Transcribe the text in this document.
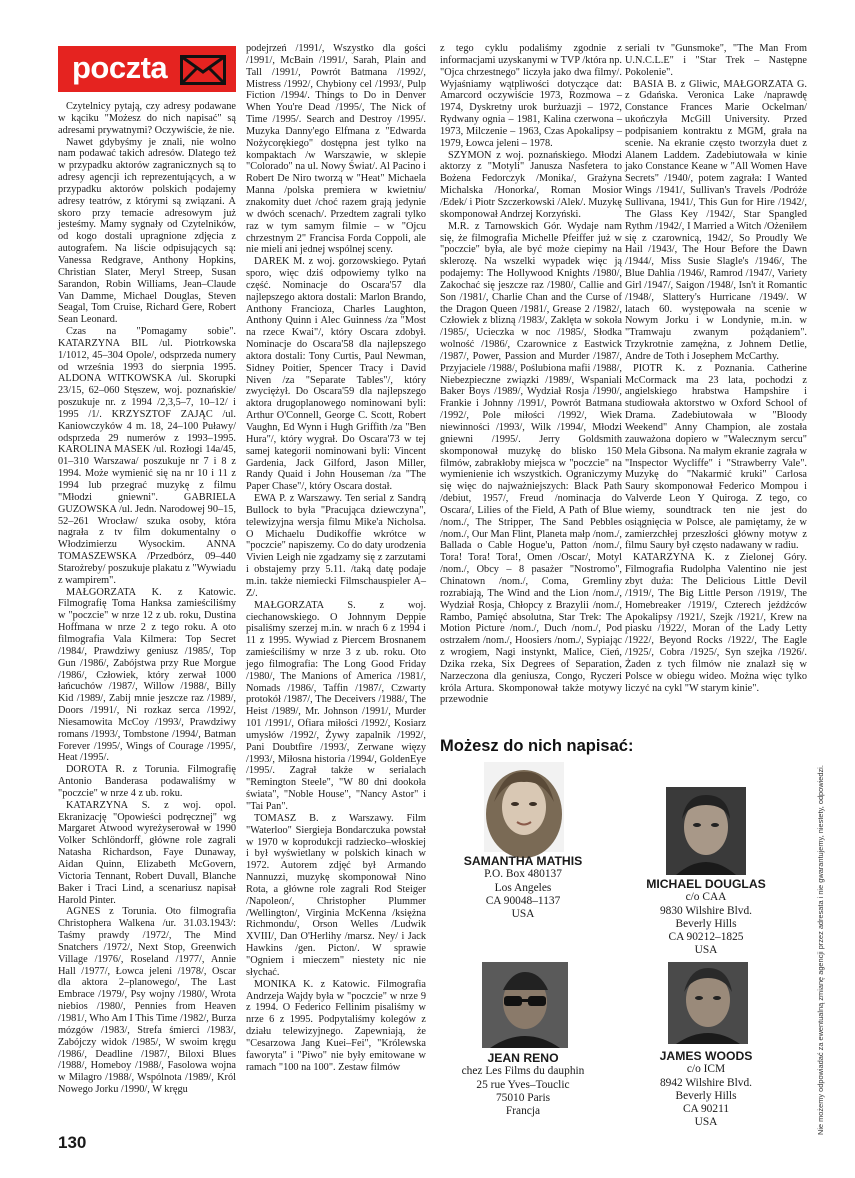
poczta

Czytelnicy pytają, czy adresy podawane w kąciku "Możesz do nich napisać" są adresami prywatnymi? Oczywiście, że nie.

Nawet gdybyśmy je znali, nie wolno nam podawać takich adresów. Dlatego też w przypadku aktorów zagranicznych są to adresy agencji ich reprezentujących, a w przypadku aktorów polskich podajemy adresy teatrów, z którymi są związani. A skoro przy temacie adresowym już jesteśmy. Mamy sygnały od Czytelników, od kogo dostali upragnione zdjęcia z autografem. Na liście odpisujących są: Vanessa Redgrave, Anthony Hopkins, Christian Slater, Meryl Streep, Susan Sarandon, Robin Williams, Jean–Claude Van Damme, Michael Douglas, Steven Seagal, Tom Cruise, Richard Gere, Robert Sean Leonard.

Czas na "Pomagamy sobie". KATARZYNA BIL /ul. Piotrkowska 1/1012, 45–304 Opole/, odsprzeda numery od września 1993 do sierpnia 1995. ALDONA WITKOWSKA /ul. Skorupki 23/15, 62–060 Stęszew, woj. poznańskie/ poszukuje nr. z 1994 /2,3,5–7, 10–12/ i 1995 /1/. KRZYSZTOF ZAJĄC /ul. Kaniowczyków 4 m. 18, 24–100 Puławy/ odsprzeda 29 numerów z 1993–1995. KAROLINA MASEK /ul. Rozłogi 14a/45, 01–310 Warszawa/ poszukuje nr 7 i 8 z 1994. Może wymienić się na nr 10 i 11 z 1994 lub przegrać muzykę z filmu "Młodzi gniewni". GABRIELA GUZOWSKA /ul. Jedn. Narodowej 90–15, 52–261 Wrocław/ szuka osoby, która nagrała z tv film dokumentalny o Włodzimierzu Wysockim. ANNA TOMASZEWSKA /Przedbórz, 09–440 Starożreby/ poszukuje plakatu z "Wywiadu z wampirem".

MAŁGORZATA K. z Katowic. Filmografię Toma Hanksa zamieściliśmy w "poczcie" w nrze 12 z ub. roku, Dustina Hoffmana w nrze 2 z tego roku. A oto filmografia Vala Kilmera: Top Secret /1984/, Prawdziwy geniusz /1985/, Top Gun /1986/, Zabójstwa przy Rue Morgue /1986/, Człowiek, który zerwał 1000 łańcuchów /1987/, Willow /1988/, Billy Kid /1989/, Zabij mnie jeszcze raz /1989/, Doors /1991/, Ni rozkaz serca /1992/, Niesamowita McCoy /1993/, Prawdziwy romans /1993/, Tombstone /1994/, Batman Forever /1995/, Wings of Courage /1995/, Heat /1995/.

DOROTA R. z Torunia. Filmografię Antonio Banderasa podawaliśmy w "poczcie" w nrze 4 z ub. roku.

KATARZYNA S. z woj. opol. Ekranizację "Opowieści podręcznej" wg Margaret Atwood wyreżyserował w 1990 Volker Schlöndorff, główne role zagrali Natasha Richardson, Faye Dunaway, Aidan Quinn, Elizabeth McGovern, Victoria Tennant, Robert Duvall, Blanche Baker i Traci Lind, a scenariusz napisał Harold Pinter.

AGNES z Torunia. Oto filmografia Christophera Walkena /ur. 31.03.1943/: Taśmy prawdy /1972/, The Mind Snatchers /1972/, Next Stop, Greenwich Village /1976/, Roseland /1977/, Annie Hall /1977/, Łowca jeleni /1978/, Oscar dla aktora 2–planowego/, The Last Embrace /1979/, Psy wojny /1980/, Wrota niebios /1980/, Pennies from Heaven /1981/, Who Am I This Time /1982/, Burza mózgów /1983/, Strefa śmierci /1983/, Zabójczy widok /1985/, W swoim kręgu /1986/, Deadline /1987/, Biloxi Blues /1988/, Homeboy /1988/, Fasolowa wojna w Milagro /1988/, Wspólnota /1989/, Król Nowego Jorku /1990/, W kręgu

podejrzeń /1991/, Wszystko dla gości /1991/, McBain /1991/, Sarah, Plain and Tall /1991/, Powrót Batmana /1992/, Mistress /1992/, Chybiony cel /1993/, Pulp Fiction /1994/. Things to Do in Denver When You're Dead /1995/, The Nick of Time /1995/. Search and Destroy /1995/. Muzyka Danny'ego Elfmana z "Edwarda Nożycorękiego" dostępna jest tylko na kompaktach /w Warszawie, w sklepie "Colorado" na ul. Nowy Świat/. Al Pacino i Robert De Niro tworzą w "Heat" Michaela Manna /polska premiera w kwietniu/ znakomity duet /choć razem grają jedynie w dwóch scenach/. Przedtem zagrali tylko raz w tym samym filmie – w "Ojcu chrzestnym 2" Francisa Forda Coppoli, ale nie mieli ani jednej wspólnej sceny.

DAREK M. z woj. gorzowskiego. Pytań sporo, więc dziś odpowiemy tylko na część. Nominacje do Oscara'57 dla najlepszego aktora dostali: Marlon Brando, Anthony Francioza, Charles Laughton, Anthony Quinn i Alec Guinness /za "Most na rzece Kwai"/, który Oscara zdobył. Nominacje do Oscara'58 dla najlepszego aktora dostali: Tony Curtis, Paul Newman, Sidney Poitier, Spencer Tracy i David Niven /za "Separate Tables"/, który zwyciężył. Do Oscara'59 dla najlepszego aktora drugoplanowego nominowani byli: Arthur O'Connell, George C. Scott, Robert Vaughn, Ed Wynn i Hugh Griffith /za "Ben Hura"/, który wygrał. Do Oscara'73 w tej samej kategorii nominowani byli: Vincent Gardenia, Jack Gilford, Jason Miller, Randy Quaid i John Houseman /za "The Paper Chase"/, który Oscara dostał.

EWA P. z Warszawy. Ten serial z Sandrą Bullock to była "Pracująca dziewczyna", telewizyjna wersja filmu Mike'a Nicholsa. O Michaelu Dudikoffie wkrótce w "poczcie" napiszemy. Co do daty urodzenia Vivien Leigh nie zgadzamy się z zarzutami i obstajemy przy 5.11. /taką datę podaje m.in. także niemiecki Filmschauspieler A–Z/.

MAŁGORZATA S. z woj. ciechanowskiego. O Johnnym Deppie pisaliśmy szerzej m.in. w nrach 6 z 1994 i 11 z 1995. Wywiad z Piercem Brosnanem zamieściliśmy w nrze 3 z ub. roku. Oto jego filmografia: The Long Good Friday /1980/, The Manions of America /1981/, Nomads /1986/, Taffin /1987/, Czwarty protokół /1987/, The Deceivers /1988/, The Heist /1989/, Mr. Johnson /1991/, Murder 101 /1991/, Ofiara miłości /1992/, Kosiarz umysłów /1992/, Żywy zapalnik /1992/, Pani Doubtfire /1993/, Zerwane więzy /1993/, Miłosna historia /1994/, GoldenEye /1995/. Zagrał także w serialach "Remington Steele", "W 80 dni dookoła świata", "Noble House", "Nancy Astor" i "Tai Pan".

TOMASZ B. z Warszawy. Film "Waterloo" Siergieja Bondarczuka powstał w 1970 w koprodukcji radziecko–włoskiej i był wyświetlany w polskich kinach w 1972. Autorem zdjęć był Armando Nannuzzi, muzykę skomponował Nino Rota, a główne role zagrali Rod Steiger /Napoleon/, Christopher Plummer /Wellington/, Virginia McKenna /księżna Richmondu/, Orson Welles /Ludwik XVIII/, Dan O'Herlihy /marsz. Ney/ i Jack Hawkins /gen. Picton/. W sprawie "Ogniem i mieczem" niestety nic nie słychać.

MONIKA K. z Katowic. Filmografia Andrzeja Wajdy była w "poczcie" w nrze 9 z 1994. O Federico Fellinim pisaliśmy w nrze 6 z 1995. Podpytaliśmy kolegów z działu telewizyjnego. Zapewniają, że "Cesarzowa Jang Kuei–Fei", "Królewska faworyta" i "Piwo" nie były emitowane w ramach "100 na 100". Zestaw filmów

z tego cyklu podaliśmy zgodnie z informacjami uzyskanymi w TVP /która np. "Ojca chrzestnego" liczyła jako dwa filmy/. Wyjaśniamy wątpliwości dotyczące dat: Amarcord oczywiście 1973, Rozmowa – 1974, Dyskretny urok burżuazji – 1972, Rydwany ognia – 1981, Kalina czerwona – 1973, Milczenie – 1963, Czas Apokalipsy – 1979, Łowca jeleni – 1978.

SZYMON z woj. poznańskiego. Młodzi aktorzy z "Motyli" Janusza Nasfetera to Bożena Fedorczyk /Monika/, Grażyna Michalska /Honorka/, Roman Mosior /Edek/ i Piotr Szczerkowski /Alek/. Muzykę skomponował Andrzej Korzyński.

M.R. z Tarnowskich Gór. Wydaje nam się, że filmografia Michelle Pfeiffer już w "poczcie" była, ale być może ciepimy na sklerozę. Na wszelki wypadek więc ją podajemy: The Hollywood Knights /1980/, Zakochać się jeszcze raz /1980/, Callie and Son /1981/, Charlie Chan and the Curse of the Dragon Queen /1981/, Grease 2 /1982/, Człowiek z blizną /1983/, Zaklęta w sokoła /1985/, Ucieczka w noc /1985/, Słodka wolność /1986/, Czarownice z Eastwick /1987/, Power, Passion and Murder /1987/, Przyjaciele /1988/, Poślubiona mafii /1988/, Niebezpieczne związki /1989/, Wspaniali Baker Boys /1989/, Wydział Rosja /1990/, Frankie i Johnny /1991/, Powrót Batmana /1992/, Pole miłości /1992/, Wiek niewinności /1993/, Wilk /1994/, Młodzi gniewni /1995/. Jerry Goldsmith skomponował muzykę do blisko 150 filmów, zabrakłoby miejsca w "poczcie" na wymienienie ich wszystkich. Ograniczymy się więc do najważniejszych: Black Path /debiut, 1957/, Freud /nominacja do Oscara/, Lilies of the Field, A Path of Blue /nom./, The Stripper, The Sand Pebbles /nom./, Our Man Flint, Planeta małp /nom./, Ballada o Cable Hogue'u, Patton /nom./, Tora! Tora! Tora!, Omen /Oscar/, Motyl /nom./, Obcy – 8 pasażer "Nostromo", Chinatown /nom./, Coma, Gremliny rozrabiają, The Wind and the Lion /nom./, Wydział Rosja, Chłopcy z Brazylii /nom./, Rambo, Pamięć absolutna, Star Trek: The Motion Picture /nom./, Duch /nom./, Pod ostrzałem /nom./, Hoosiers /nom./, Sypiając z wrogiem, Nagi instynkt, Malice, Cień, Dzika rzeka, Six Degrees of Separation, Narzeczona dla geniusza, Congo, Ryczeri króla Artura. Skomponował także motywy przewodnie

seriali tv "Gunsmoke", "The Man From U.N.C.L.E" i "Star Trek – Następne Pokolenie".

BASIA B. z Gliwic, MAŁGORZATA G. z Gdańska. Veronica Lake /naprawdę Constance Frances Marie Ockelman/ ukończyła McGill University. Przed podpisaniem kontraktu z MGM, grała na scenie. Na ekranie często tworzyła duet z Alanem Laddem. Zadebiutowała w kinie jako Constance Keane w "All Women Have Secrets" /1940/, potem zagrała: I Wanted Wings /1941/, Sullivan's Travels /Podróże Sullivana, 1941/, This Gun for Hire /1942/, The Glass Key /1942/, Star Spangled Rythm /1942/, I Married a Witch /Ożeniłem się z czarownicą, 1942/, So Proudly We Hail /1943/, The Hour Before the Dawn /1944/, Miss Susie Slagle's /1946/, The Blue Dahlia /1946/, Ramrod /1947/, Variety Girl /1947/, Saigon /1948/, Isn't it Romantic /1948/, Slattery's Hurricane /1949/. W latach 60. występowała na scenie w Nowym Jorku i w Londynie, m.in. w "Tramwaju zwanym pożądaniem". Trzykrotnie zamężna, z Johnem Detlie, Andre de Toth i Josephem McCarthy.

PIOTR K. z Poznania. Catherine McCormack ma 23 lata, pochodzi z angielskiego hrabstwa Hampshire i studiowała aktorstwo w Oxford School of Drama. Zadebiutowała w "Bloody Weekend" Anny Champion, ale została zauważona dopiero w "Walecznym sercu" Mela Gibsona. Na małym ekranie zagrała w "Inspector Wycliffe" i "Strawberry Vale". Muzykę do "Nakarmić kruki" Carlosa Saury skomponował Federico Mompou i Valverde Leon Y Quiroga. Z tego, co wiemy, soundtrack ten nie jest do osiągnięcia w Polsce, ale pamiętamy, że w zamierzchłej przeszłości główny motyw z filmu Saury był często nadawany w radiu.

KATARZYNA K. z Zielonej Góry. Filmografia Rudolpha Valentino nie jest zbyt duża: The Delicious Little Devil /1919/, The Big Little Person /1919/, The Homebreaker /1919/, Czterech jeźdźców Apokalipsy /1921/, Szejk /1921/, Krew na piasku /1922/, Moran of the Lady Letty /1922/, Beyond Rocks /1922/, The Eagle /1925/, Cobra /1925/, Syn szejka /1926/. Żaden z tych filmów nie znalazł się w Polsce w obiegu wideo. Można więc tylko liczyć na cykl "W starym kinie".

Możesz do nich napisać:
SAMANTHA MATHIS
P.O. Box 480137
Los Angeles
CA 90048–1137
USA
MICHAEL DOUGLAS
c/o CAA
9830 Wilshire Blvd.
Beverly Hills
CA 90212–1825
USA
JEAN RENO
chez Les Films du dauphin
25 rue Yves–Touclic
75010 Paris
Francja
JAMES WOODS
c/o ICM
8942 Wilshire Blvd.
Beverly Hills
CA 90211
USA
130
Nie możemy odpowiadać za ewentualną zmianę agencji przez adresata i nie gwarantujemy, niestety, odpowiedzi.
